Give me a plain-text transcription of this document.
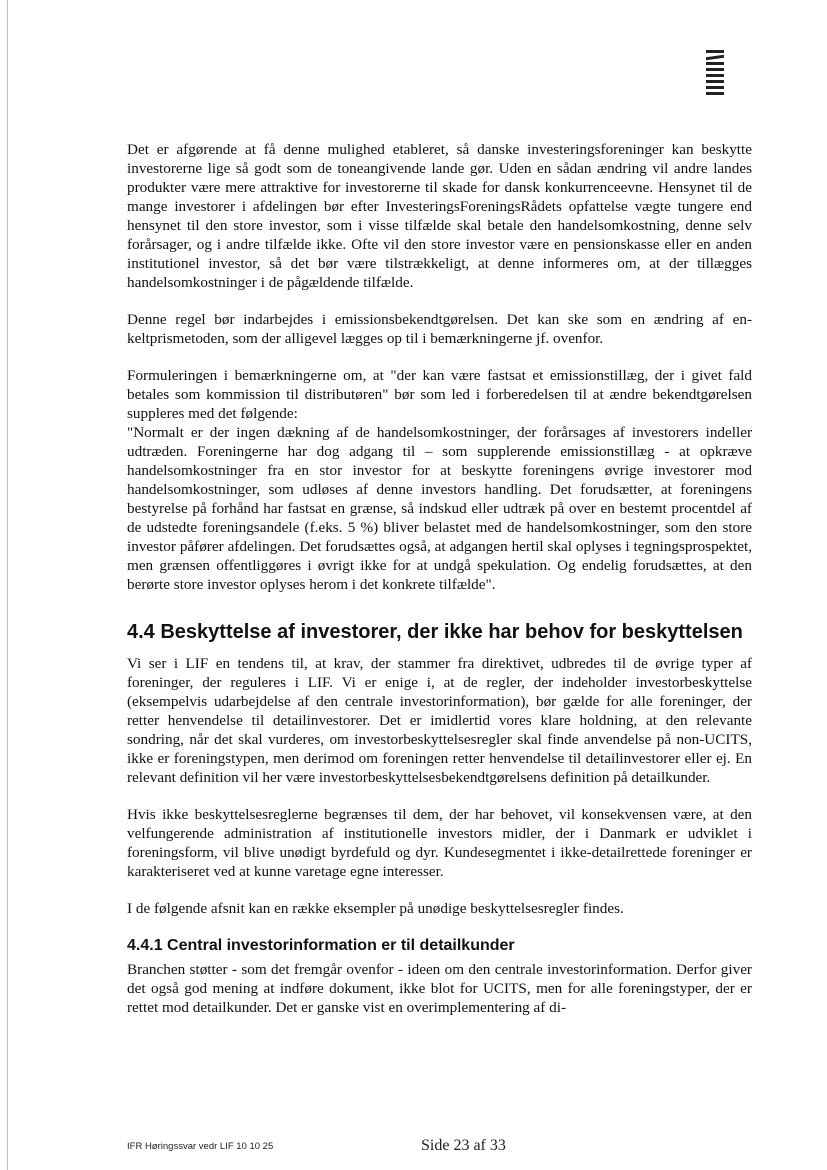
Det er afgørende at få denne mulighed etableret, så danske investeringsforeninger kan beskytte investorerne lige så godt som de toneangivende lande gør. Uden en sådan ændring vil andre landes produkter være mere attraktive for investorerne til skade for dansk konkurrenceevne. Hensynet til de mange investorer i afdelingen bør efter InvesteringsForeningsRådets opfattelse vægte tungere end hensynet til den store investor, som i visse tilfælde skal betale den handelsomkostning, denne selv forårsager, og i andre tilfælde ikke. Ofte vil den store investor være en pensionskasse eller en anden institutionel investor, så det bør være tilstrækkeligt, at denne informeres om, at der tillægges handelsomkostninger i de pågældende tilfælde.

Denne regel bør indarbejdes i emissionsbekendtgørelsen. Det kan ske som en ændring af enkeltprismetoden, som der alligevel lægges op til i bemærkningerne jf. ovenfor.

Formuleringen i bemærkningerne om, at "der kan være fastsat et emissionstillæg, der i givet fald betales som kommission til distributøren" bør som led i forberedelsen til at ændre bekendtgørelsen suppleres med det følgende:

"Normalt er der ingen dækning af de handelsomkostninger, der forårsages af investorers indeller udtræden. Foreningerne har dog adgang til – som supplerende emissionstillæg - at opkræve handelsomkostninger fra en stor investor for at beskytte foreningens øvrige investorer mod handelsomkostninger, som udløses af denne investors handling. Det forudsætter, at foreningens bestyrelse på forhånd har fastsat en grænse, så indskud eller udtræk på over en bestemt procentdel af de udstedte foreningsandele (f.eks. 5 %) bliver belastet med de handelsomkostninger, som den store investor påfører afdelingen. Det forudsættes også, at adgangen hertil skal oplyses i tegningsprospektet, men grænsen offentliggøres i øvrigt ikke for at undgå spekulation. Og endelig forudsættes, at den berørte store investor oplyses herom i det konkrete tilfælde".

4.4 Beskyttelse af investorer, der ikke har behov for beskyttelsen

Vi ser i LIF en tendens til, at krav, der stammer fra direktivet, udbredes til de øvrige typer af foreninger, der reguleres i LIF. Vi er enige i, at de regler, der indeholder investorbeskyttelse (eksempelvis udarbejdelse af den centrale investorinformation), bør gælde for alle foreninger, der retter henvendelse til detailinvestorer. Det er imidlertid vores klare holdning, at den relevante sondring, når det skal vurderes, om investorbeskyttelsesregler skal finde anvendelse på non-UCITS, ikke er foreningstypen, men derimod om foreningen retter henvendelse til detailinvestorer eller ej. En relevant definition vil her være investorbeskyttelsesbekendtgørelsens definition på detailkunder.

Hvis ikke beskyttelsesreglerne begrænses til dem, der har behovet, vil konsekvensen være, at den velfungerende administration af institutionelle investors midler, der i Danmark er udviklet i foreningsform, vil blive unødigt byrdefuld og dyr. Kundesegmentet i ikke-detailrettede foreninger er karakteriseret ved at kunne varetage egne interesser.

I de følgende afsnit kan en række eksempler på unødige beskyttelsesregler findes.

4.4.1 Central investorinformation er til detailkunder

Branchen støtter - som det fremgår ovenfor - ideen om den centrale investorinformation. Derfor giver det også god mening at indføre dokument, ikke blot for UCITS, men for alle foreningstyper, der er rettet mod detailkunder. Det er ganske vist en overimplementering af di-

IFR Høringssvar vedr LIF 10 10 25	Side 23 af 33
